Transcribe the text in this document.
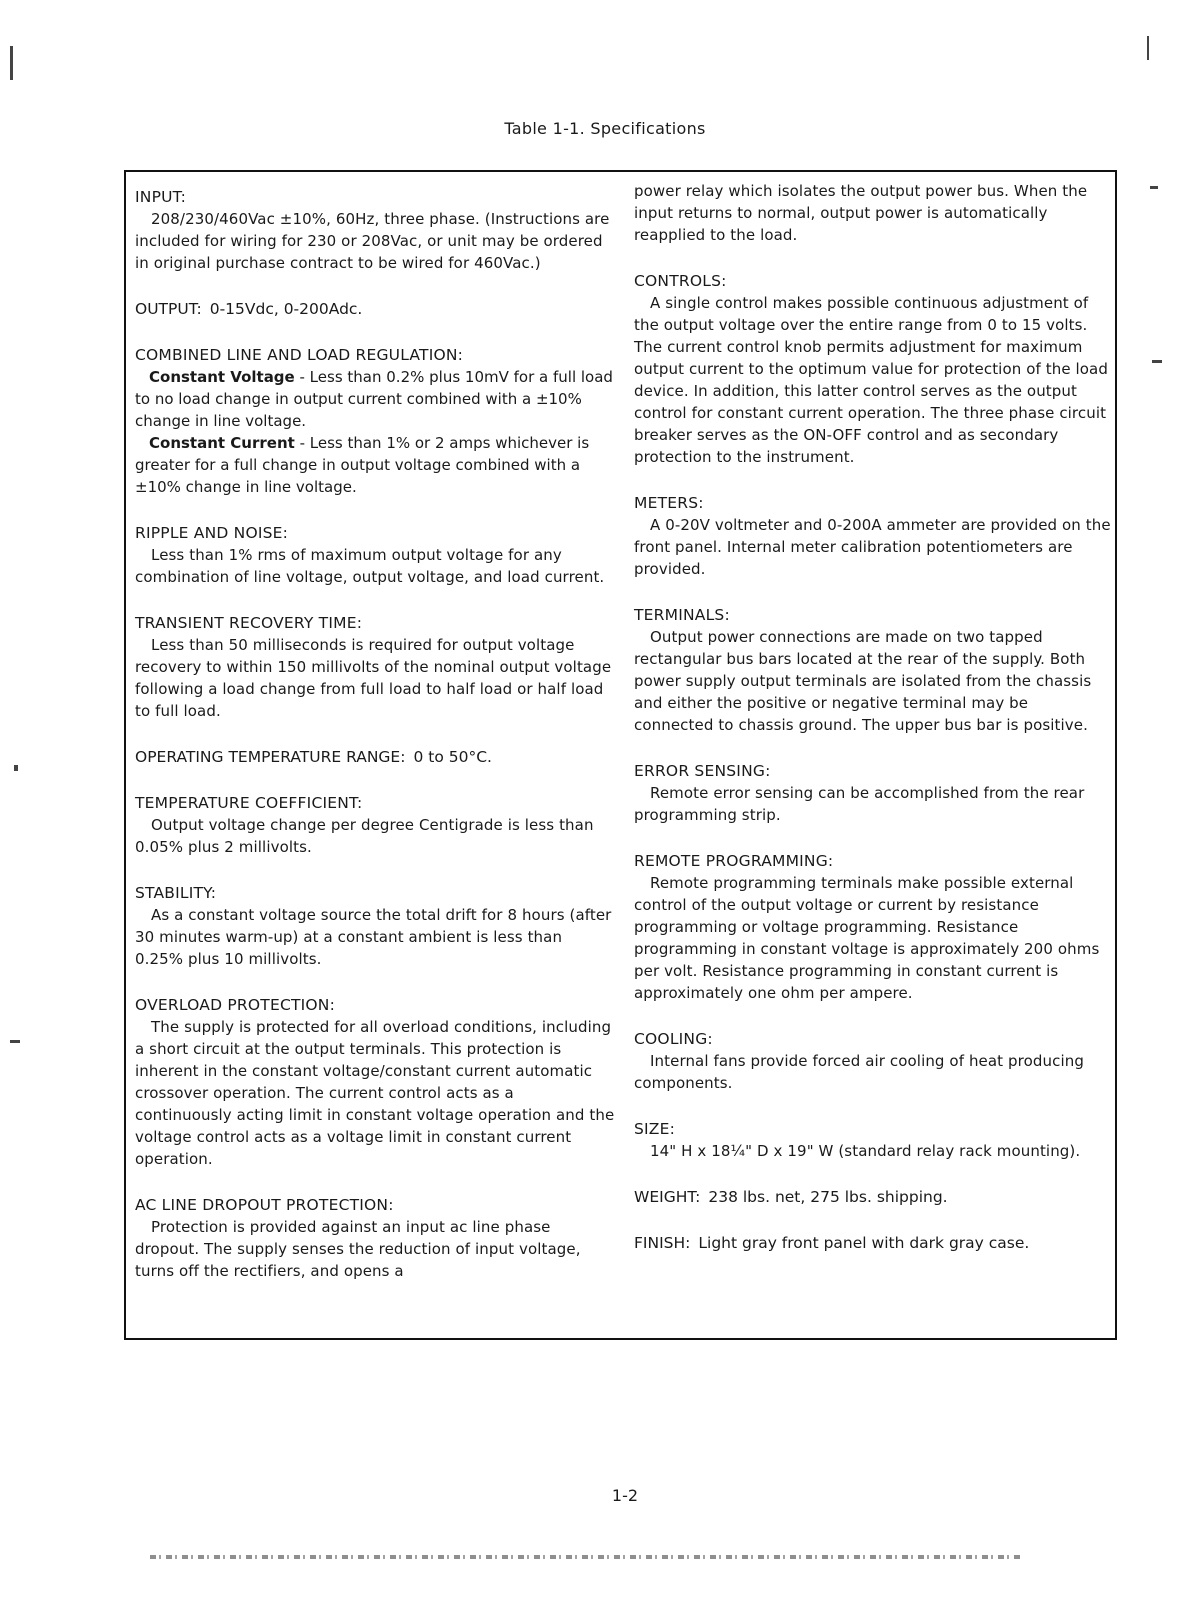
Table 1-1. Specifications
INPUT:
208/230/460Vac ±10%, 60Hz, three phase. (Instructions are included for wiring for 230 or 208Vac, or unit may be ordered in original purchase contract to be wired for 460Vac.)
OUTPUT: 0-15Vdc, 0-200Adc.
COMBINED LINE AND LOAD REGULATION:
Constant Voltage - Less than 0.2% plus 10mV for a full load to no load change in output current combined with a ±10% change in line voltage.
Constant Current - Less than 1% or 2 amps whichever is greater for a full change in output voltage combined with a ±10% change in line voltage.
RIPPLE AND NOISE:
Less than 1% rms of maximum output voltage for any combination of line voltage, output voltage, and load current.
TRANSIENT RECOVERY TIME:
Less than 50 milliseconds is required for output voltage recovery to within 150 millivolts of the nominal output voltage following a load change from full load to half load or half load to full load.
OPERATING TEMPERATURE RANGE: 0 to 50°C.
TEMPERATURE COEFFICIENT:
Output voltage change per degree Centigrade is less than 0.05% plus 2 millivolts.
STABILITY:
As a constant voltage source the total drift for 8 hours (after 30 minutes warm-up) at a constant ambient is less than 0.25% plus 10 millivolts.
OVERLOAD PROTECTION:
The supply is protected for all overload conditions, including a short circuit at the output terminals. This protection is inherent in the constant voltage/constant current automatic crossover operation. The current control acts as a continuously acting limit in constant voltage operation and the voltage control acts as a voltage limit in constant current operation.
AC LINE DROPOUT PROTECTION:
Protection is provided against an input ac line phase dropout. The supply senses the reduction of input voltage, turns off the rectifiers, and opens a
power relay which isolates the output power bus. When the input returns to normal, output power is automatically reapplied to the load.
CONTROLS:
A single control makes possible continuous adjustment of the output voltage over the entire range from 0 to 15 volts. The current control knob permits adjustment for maximum output current to the optimum value for protection of the load device. In addition, this latter control serves as the output control for constant current operation. The three phase circuit breaker serves as the ON-OFF control and as secondary protection to the instrument.
METERS:
A 0-20V voltmeter and 0-200A ammeter are provided on the front panel. Internal meter calibration potentiometers are provided.
TERMINALS:
Output power connections are made on two tapped rectangular bus bars located at the rear of the supply. Both power supply output terminals are isolated from the chassis and either the positive or negative terminal may be connected to chassis ground. The upper bus bar is positive.
ERROR SENSING:
Remote error sensing can be accomplished from the rear programming strip.
REMOTE PROGRAMMING:
Remote programming terminals make possible external control of the output voltage or current by resistance programming or voltage programming. Resistance programming in constant voltage is approximately 200 ohms per volt. Resistance programming in constant current is approximately one ohm per ampere.
COOLING:
Internal fans provide forced air cooling of heat producing components.
SIZE:
14" H x 18¼" D x 19" W (standard relay rack mounting).
WEIGHT: 238 lbs. net, 275 lbs. shipping.
FINISH: Light gray front panel with dark gray case.
1-2
